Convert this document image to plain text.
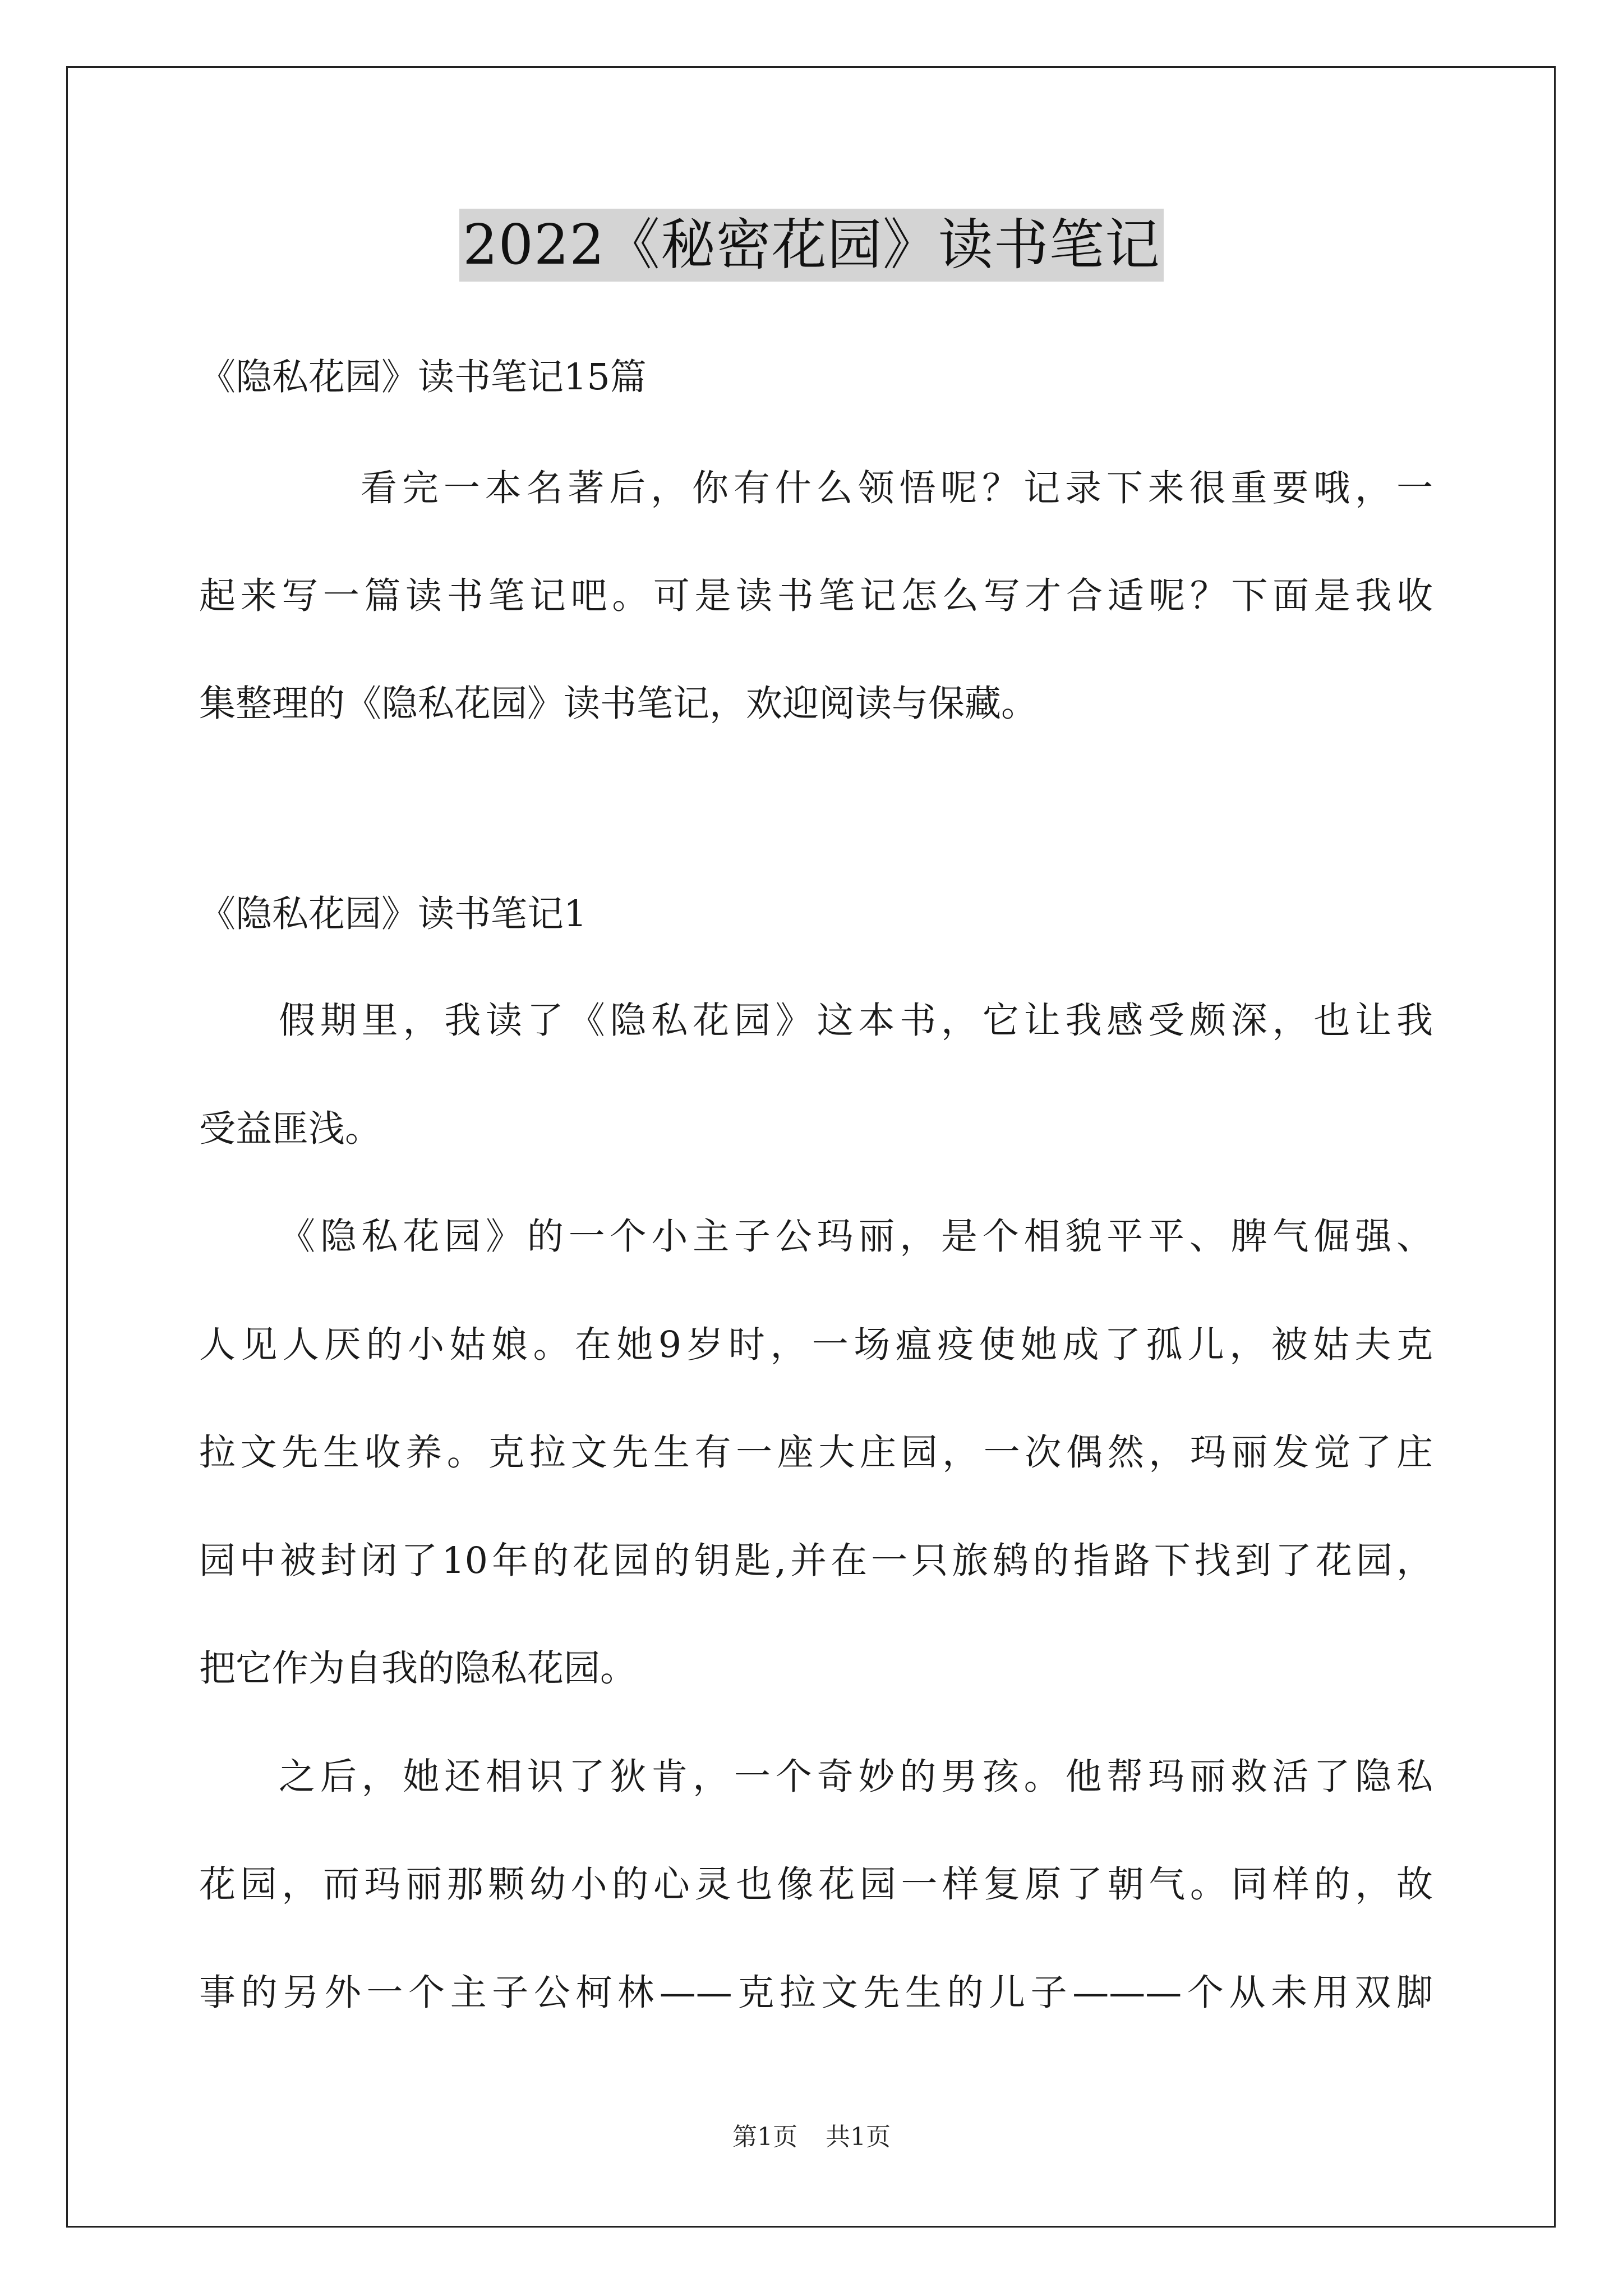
2022《秘密花园》读书笔记
《隐私花园》读书笔记15篇
看完一本名著后，你有什么领悟呢？记录下来很重要哦，一
起来写一篇读书笔记吧。可是读书笔记怎么写才合适呢？下面是我收
集整理的《隐私花园》读书笔记，欢迎阅读与保藏。
《隐私花园》读书笔记1
假期里，我读了《隐私花园》这本书，它让我感受颇深，也让我
受益匪浅。
《隐私花园》的一个小主子公玛丽，是个相貌平平、脾气倔强、
人见人厌的小姑娘。在她9岁时，一场瘟疫使她成了孤儿，被姑夫克
拉文先生收养。克拉文先生有一座大庄园，一次偶然，玛丽发觉了庄
园中被封闭了10年的花园的钥匙,并在一只旅鸫的指路下找到了花园，
把它作为自我的隐私花园。
之后，她还相识了狄肯，一个奇妙的男孩。他帮玛丽救活了隐私
花园，而玛丽那颗幼小的心灵也像花园一样复原了朝气。同样的，故
事的另外一个主子公柯林——克拉文先生的儿子———个从未用双脚
第1页 共1页
